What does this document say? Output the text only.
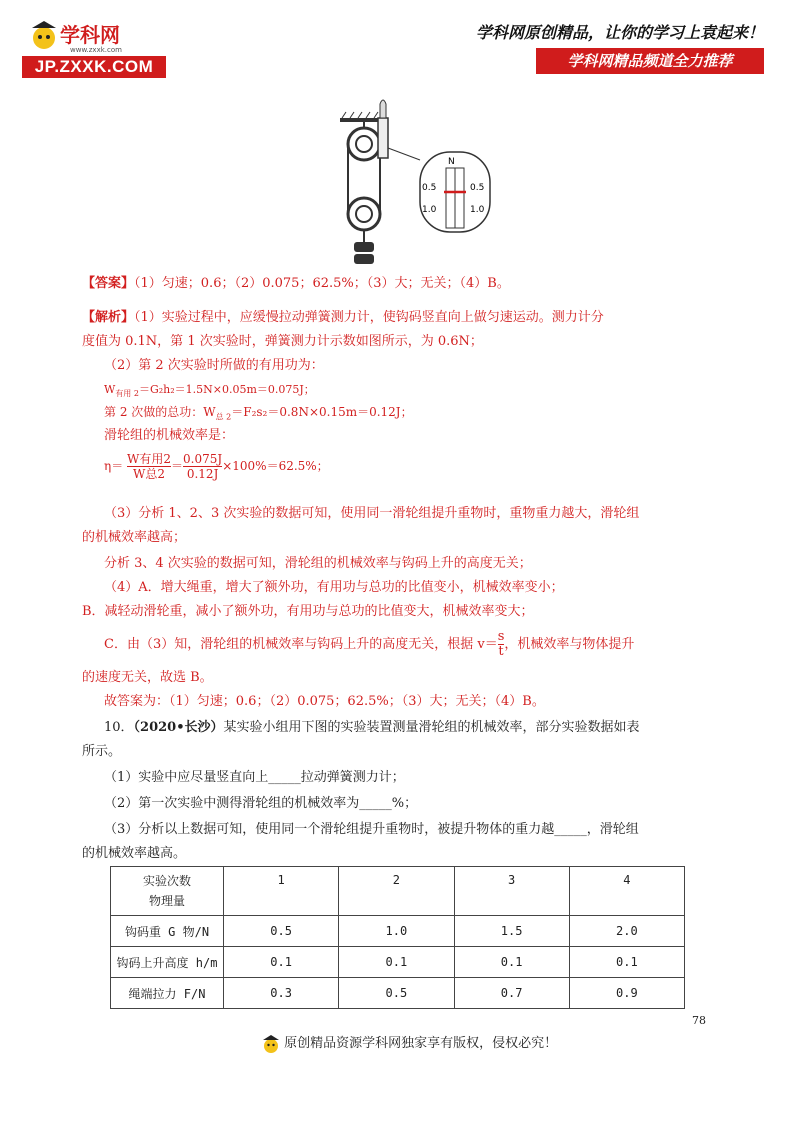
学科网
www.zxxk.com
JP.ZXXK.COM
学科网原创精品，让你的学习上袁起来！
学科网精品频道全力推荐
N
0.5
1.0
0.5
1.0
【答案】（1）匀速；0.6；（2）0.075；62.5%；（3）大；无关；（4）B。
【解析】（1）实验过程中，应缓慢拉动弹簧测力计，使钩码竖直向上做匀速运动。测力计分
度值为 0.1N，第 1 次实验时，弹簧测力计示数如图所示，为 0.6N；
（2）第 2 次实验时所做的有用功为：
$W_{有用 2}=G_2h_2=1.5N\times 0.05m=0.075J$；
第 2 次做的总功：$W_{总 2}=F_2s_2=0.8N\times 0.15m=0.12J$；
滑轮组的机械效率是：
$\eta= \frac{\text{W有用2}}{\text{W总2}} = \frac{0.075J}{0.12J} \times 100\%=62.5\%$；
（3）分析 1、2、3 次实验的数据可知，使用同一滑轮组提升重物时，重物重力越大，滑轮组
的机械效率越高；
分析 3、4 次实验的数据可知，滑轮组的机械效率与钩码上升的高度无关；
（4）A．增大绳重，增大了额外功，有用功与总功的比值变小，机械效率变小；
B．减轻动滑轮重，减小了额外功，有用功与总功的比值变大，机械效率变大；
C．由（3）知，滑轮组的机械效率与钩码上升的高度无关，根据 $v= \frac{s}{t}$ ，机械效率与物体提升
的速度无关，故选 B。
故答案为：（1）匀速；0.6；（2）0.075；62.5%；（3）大；无关；（4）B。
10．（2020•长沙）某实验小组用下图的实验装置测量滑轮组的机械效率，部分实验数据如表
所示。
（1）实验中应尽量竖直向上_____拉动弹簧测力计；
（2）第一次实验中测得滑轮组的机械效率为_____%；
（3）分析以上数据可知，使用同一个滑轮组提升重物时，被提升物体的重力越_____，滑轮组
的机械效率越高。
实验次数
物理量	1	2	3	4
钩码重 G 物/N	0.5	1.0	1.5	2.0
钩码上升高度 h/m	0.1	0.1	0.1	0.1
绳端拉力 F/N	0.3	0.5	0.7	0.9
78
原创精品资源学科网独家享有版权，侵权必究！
